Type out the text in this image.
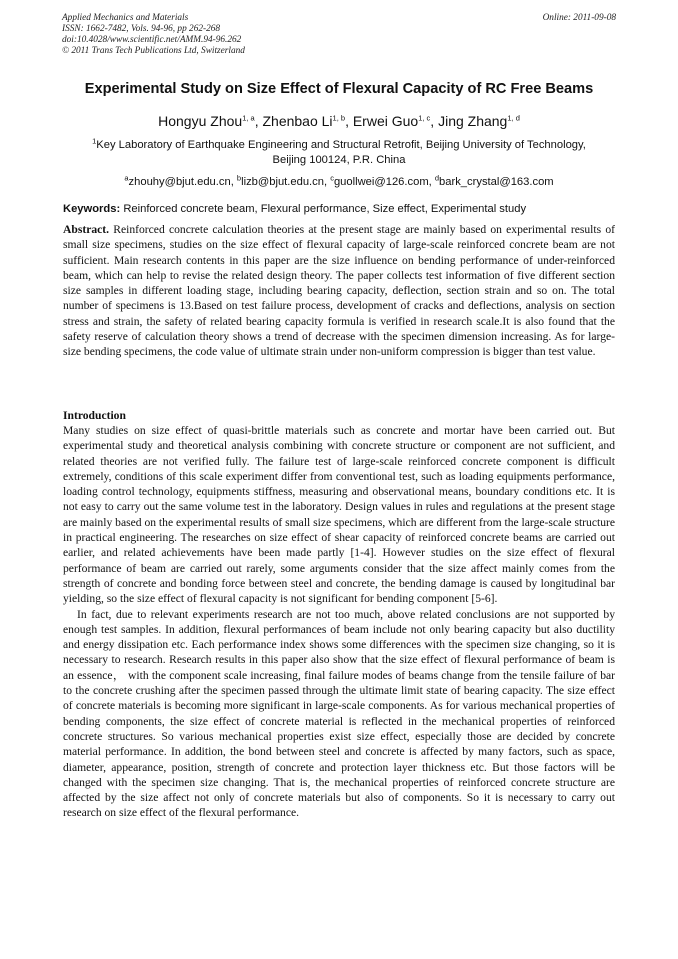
Applied Mechanics and Materials
ISSN: 1662-7482, Vols. 94-96, pp 262-268
doi:10.4028/www.scientific.net/AMM.94-96.262
© 2011 Trans Tech Publications Ltd, Switzerland
Online: 2011-09-08
Experimental Study on Size Effect of Flexural Capacity of RC Free Beams
Hongyu Zhou$^{1, a}$, Zhenbao Li$^{1, b}$, Erwei Guo$^{1, c}$, Jing Zhang$^{1, d}$
$^1$Key Laboratory of Earthquake Engineering and Structural Retrofit, Beijing University of Technology,
Beijing 100124, P.R. China
$^a$zhouhy@bjut.edu.cn, $^b$lizb@bjut.edu.cn, $^c$guollwei@126.com, $^d$bark_crystal@163.com
Keywords: Reinforced concrete beam, Flexural performance, Size effect, Experimental study
Abstract. Reinforced concrete calculation theories at the present stage are mainly based on experimental results of small size specimens, studies on the size effect of flexural capacity of large-scale reinforced concrete beam are not sufficient. Main research contents in this paper are the size influence on bending performance of under-reinforced beam, which can help to revise the related design theory. The paper collects test information of five different section size samples in different loading stage, including bearing capacity, deflection, section strain and so on. The total number of specimens is 13.Based on test failure process, development of cracks and deflections, analysis on section stress and strain, the safety of related bearing capacity formula is verified in research scale.It is also found that the safety reserve of calculation theory shows a trend of decrease with the specimen dimension increasing. As for large-size bending specimens, the code value of ultimate strain under non-uniform compression is bigger than test value.
Introduction

Many studies on size effect of quasi-brittle materials such as concrete and mortar have been carried out. But experimental study and theoretical analysis combining with concrete structure or component are not sufficient, and related theories are not verified fully. The failure test of large-scale reinforced concrete component is difficult extremely, conditions of this scale experiment differ from conventional test, such as loading equipments performance, loading control technology, equipments stiffness, measuring and observational means, boundary conditions etc. It is not easy to carry out the same volume test in the laboratory. Design values in rules and regulations at the present stage are mainly based on the experimental results of small size specimens, which are different from the large-scale structure in practical engineering. The researches on size effect of shear capacity of reinforced concrete beams are carried out earlier, and related achievements have been made partly [1-4]. However studies on the size effect of flexural performance of beam are carried out rarely, some arguments consider that the size affect mainly comes from the strength of concrete and bonding force between steel and concrete, the bending damage is caused by longitudinal bar yielding, so the size effect of flexural capacity is not significant for bending component [5-6].

In fact, due to relevant experiments research are not too much, above related conclusions are not supported by enough test samples. In addition, flexural performances of beam include not only bearing capacity but also ductility and energy dissipation etc. Each performance index shows some differences with the specimen size changing, so it is necessary to research. Research results in this paper also show that the size effect of flexural performance of beam is an essence， with the component scale increasing, final failure modes of beams change from the tensile failure of bar to the concrete crushing after the specimen passed through the ultimate limit state of bearing capacity. The size effect of concrete materials is becoming more significant in large-scale components. As for various mechanical properties of bending components, the size effect of concrete material is reflected in the mechanical properties of reinforced concrete structures. So various mechanical properties exist size effect, especially those are decided by concrete material performance. In addition, the bond between steel and concrete is affected by many factors, such as space, diameter, appearance, position, strength of concrete and protection layer thickness etc. But those factors will be changed with the specimen size changing. That is, the mechanical properties of reinforced concrete structure are affected by the size affect not only of concrete materials but also of components. So it is necessary to carry out research on size effect of the flexural performance.
